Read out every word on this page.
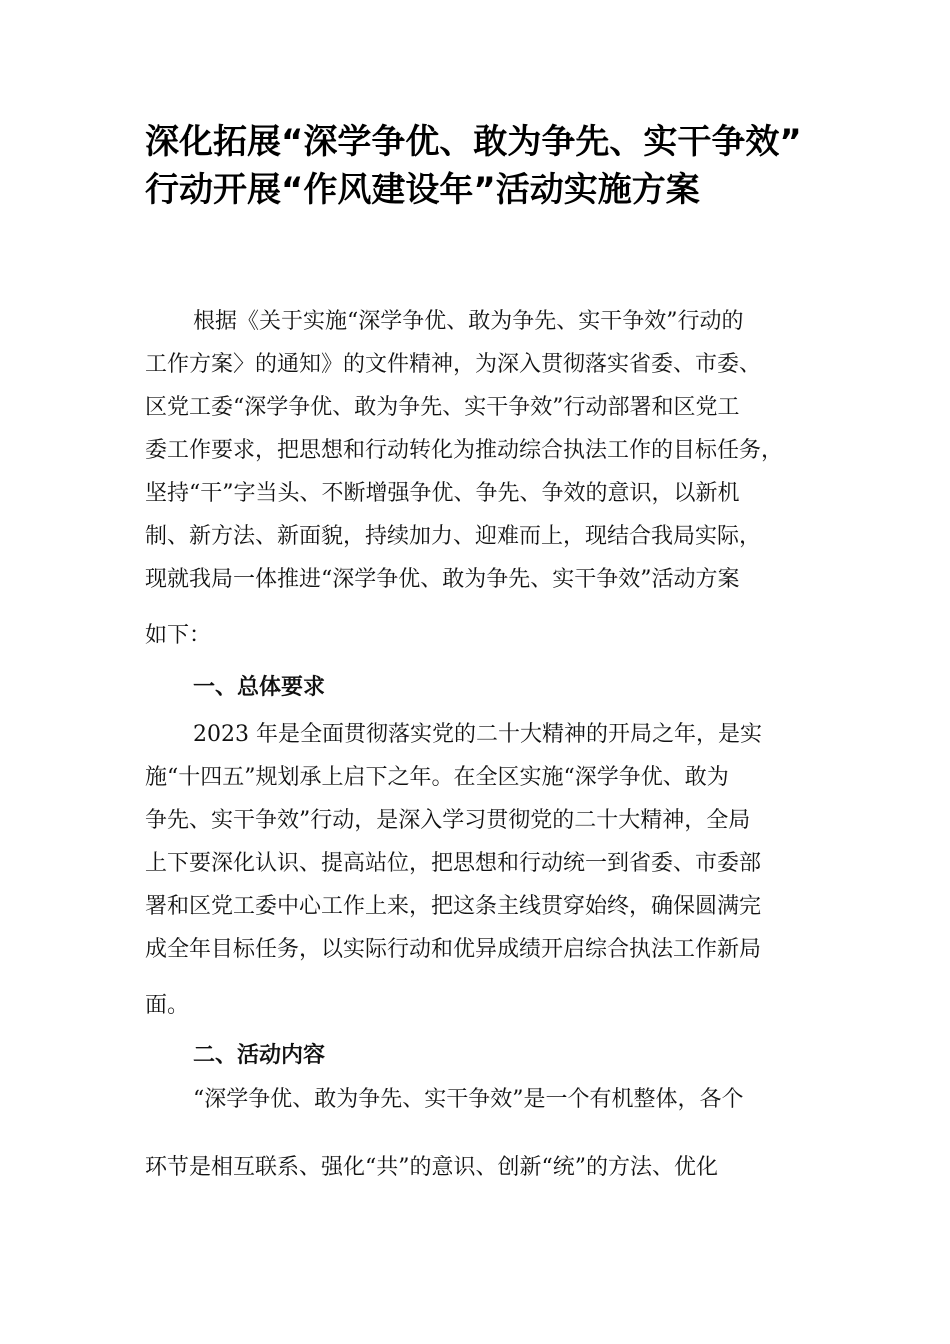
深化拓展“深学争优、敢为争先、实干争效”
行动开展“作风建设年”活动实施方案
根据《关于实施“深学争优、敢为争先、实干争效”行动的
工作方案〉的通知》的文件精神，为深入贯彻落实省委、市委、
区党工委“深学争优、敢为争先、实干争效”行动部署和区党工
委工作要求，把思想和行动转化为推动综合执法工作的目标任务，
坚持“干”字当头、不断增强争优、争先、争效的意识，以新机
制、新方法、新面貌，持续加力、迎难而上，现结合我局实际，
现就我局一体推进“深学争优、敢为争先、实干争效”活动方案
如下：
一、总体要求
2023 年是全面贯彻落实党的二十大精神的开局之年，是实
施“十四五”规划承上启下之年。在全区实施“深学争优、敢为
争先、实干争效”行动，是深入学习贯彻党的二十大精神，全局
上下要深化认识、提高站位，把思想和行动统一到省委、市委部
署和区党工委中心工作上来，把这条主线贯穿始终，确保圆满完
成全年目标任务，以实际行动和优异成绩开启综合执法工作新局
面。
二、活动内容
“深学争优、敢为争先、实干争效”是一个有机整体，各个
环节是相互联系、强化“共”的意识、创新“统”的方法、优化
